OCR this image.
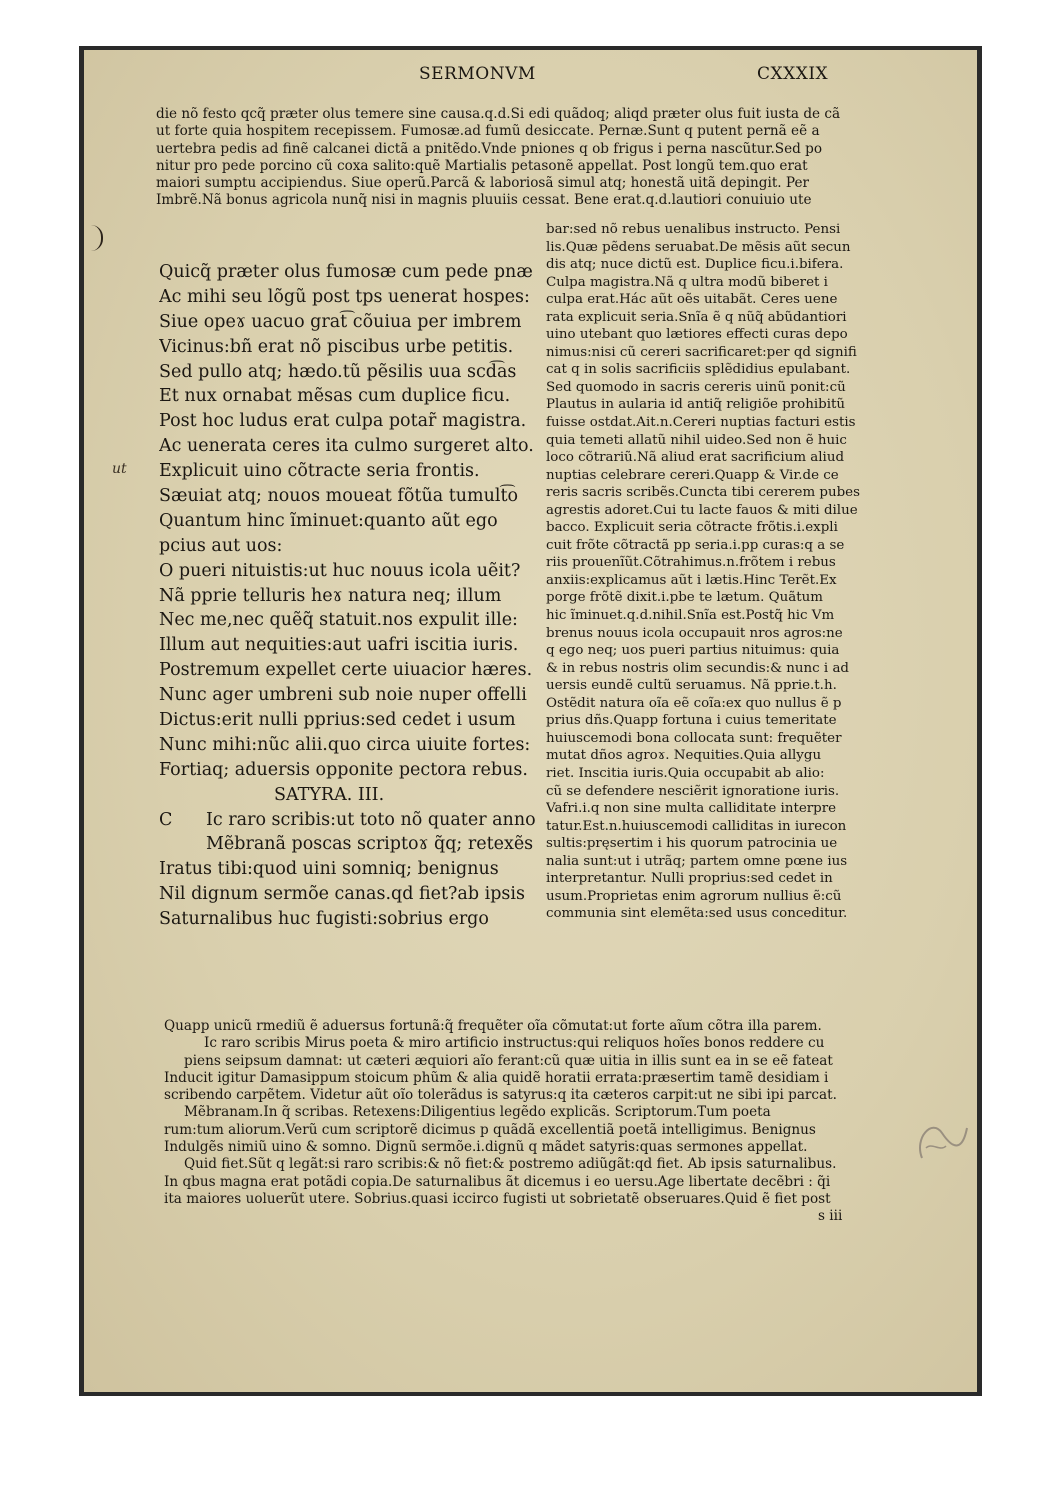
SERMONVM	CXXXIX
die nõ festo qcq̃ præter olus temere sine causa.q.d.Si edi quãdoq; aliqd præter olus fuit iusta de cã
ut forte quia hospitem recepissem. Fumosæ.ad fumũ desiccate. Pernæ.Sunt q putent pernã eẽ a
uertebra pedis ad finẽ calcanei dictã a pnitẽdo.Vnde pniones q ob frigus i perna nascũtur.Sed po
nitur pro pede porcino cũ coxa salito:quẽ Martialis petasonẽ appellat. Post longũ tem.quo erat
maiori sumptu accipiendus. Siue operũ.Parcã & laboriosã simul atq; honestã uitã depingit. Per
Imbrẽ.Nã bonus agricola nunq̃ nisi in magnis pluuiis cessat. Bene erat.q.d.lautiori conuiuio ute
Quicq̃ præter olus fumosæ cum pede pnæ
Ac mihi seu lõgũ post tps uenerat hospes:
Siue opeɤ uacuo grat͡ cõuiua per imbrem
Vicinus:bñ erat nõ piscibus urbe petitis.
Sed pullo atq; hædo.tũ pẽsilis uua scd͡as
Et nux ornabat mẽsas cum duplice ficu.
Post hoc ludus erat culpa potar̃ magistra.
Ac uenerata ceres ita culmo surgeret alto.
Explicuit uino cõtracte seria frontis.
Sæuiat atq; nouos moueat fõtũa tumult͡o
Quantum hinc ĩminuet:quanto aũt ego
pcius aut uos:
O pueri nituistis:ut huc nouus icola uẽit?
Nã pprie telluris heɤ natura neq; illum
Nec me,nec quẽq̃ statuit.nos expulit ille:
Illum aut nequities:aut uafri iscitia iuris.
Postremum expellet certe uiuacior hæres.
Nunc ager umbreni sub noie nuper offelli
Dictus:erit nulli pprius:sed cedet i usum
Nunc mihi:nũc alii.quo circa uiuite fortes:
Fortiaq; aduersis opponite pectora rebus.
SATYRA. III.
C Ic raro scribis:ut toto nõ quater anno
Mẽbranã poscas scriptoɤ q̃q; retexẽs
Iratus tibi:quod uini somniq; benignus
Nil dignum sermõe canas.qd fiet?ab ipsis
Saturnalibus huc fugisti:sobrius ergo
bar:sed nõ rebus uenalibus instructo. Pensi
lis.Quæ pẽdens seruabat.De mẽsis aũt secun
dis atq; nuce dictũ est. Duplice ficu.i.bifera.
Culpa magistra.Nã q ultra modũ biberet i
culpa erat.Hác aũt oẽs uitabãt. Ceres uene
rata explicuit seria.Snĩa ẽ q nũq̃ abũdantiori
uino utebant quo lætiores effecti curas depo
nimus:nisi cũ cereri sacrificaret:per qd signifi
cat q in solis sacrificiis splẽdidius epulabant.
Sed quomodo in sacris cereris uinũ ponit:cũ
Plautus in aularia id antiq̃ religiõe prohibitũ
fuisse ostdat.Ait.n.Cereri nuptias facturi estis
quia temeti allatũ nihil uideo.Sed non ẽ huic
loco cõtrariũ.Nã aliud erat sacrificium aliud
nuptias celebrare cereri.Quapp & Vir.de ce
reris sacris scribẽs.Cuncta tibi cererem pubes
agrestis adoret.Cui tu lacte fauos & miti dilue
bacco. Explicuit seria cõtracte frõtis.i.expli
cuit frõte cõtractã pp seria.i.pp curas:q a se
riis prouenĩũt.Cõtrahimus.n.frõtem i rebus
anxiis:explicamus aũt i lætis.Hinc Terẽt.Ex
porge frõtẽ dixit.i.pbe te lætum. Quãtum
hic ĩminuet.q.d.nihil.Snĩa est.Postq̃ hic Vm
brenus nouus icola occupauit nros agros:ne
q ego neq; uos pueri partius nituimus: quia
& in rebus nostris olim secundis:& nunc i ad
uersis eundẽ cultũ seruamus. Nã pprie.t.h.
Ostẽdit natura oĩa eẽ coĩa:ex quo nullus ẽ p
prius dñs.Quapp fortuna i cuius temeritate
huiuscemodi bona collocata sunt: frequẽter
mutat dños agroɤ. Nequities.Quia allygu
riet. Inscitia iuris.Quia occupabit ab alio:
cũ se defendere nesciẽrit ignoratione iuris.
Vafri.i.q non sine multa calliditate interpre
tatur.Est.n.huiuscemodi calliditas in iurecon
sultis:pręsertim i his quorum patrocinia ue
nalia sunt:ut i utrãq; partem omne pœne ius
interpretantur. Nulli proprius:sed cedet in
usum.Proprietas enim agrorum nullius ẽ:cũ
communia sint elemẽta:sed usus conceditur.
Quapp unicũ rmediũ ẽ aduersus fortunã:q̃ frequẽter oĩa cõmutat:ut forte aĩum cõtra illa parem.
Ic raro scribis Mirus poeta & miro artificio instructus:qui reliquos hoĩes bonos reddere cu
piens seipsum damnat: ut cæteri æquiori aĩo ferant:cũ quæ uitia in illis sunt ea in se eẽ fateat
Inducit igitur Damasippum stoicum phũm & alia quidẽ horatii errata:præsertim tamẽ desidiam i
scribendo carpẽtem. Videtur aũt oĩo tolerãdus is satyrus:q ita cæteros carpit:ut ne sibi ipi parcat.
Mẽbranam.In q̃ scribas. Retexens:Diligentius legẽdo explicãs. Scriptorum.Tum poeta
rum:tum aliorum.Verũ cum scriptorẽ dicimus p quãdã excellentiã poetã intelligimus. Benignus
Indulgẽs nimiũ uino & somno. Dignũ sermõe.i.dignũ q mãdet satyris:quas sermones appellat.
Quid fiet.Sũt q legãt:si raro scribis:& nõ fiet:& postremo adiũgãt:qd fiet. Ab ipsis saturnalibus.
In qbus magna erat potãdi copia.De saturnalibus ãt dicemus i eo uersu.Age libertate decẽbri : q̃i
ita maiores uoluerũt utere. Sobrius.quasi iccirco fugisti ut sobrietatẽ obseruares.Quid ẽ fiet post
s iii
ut
